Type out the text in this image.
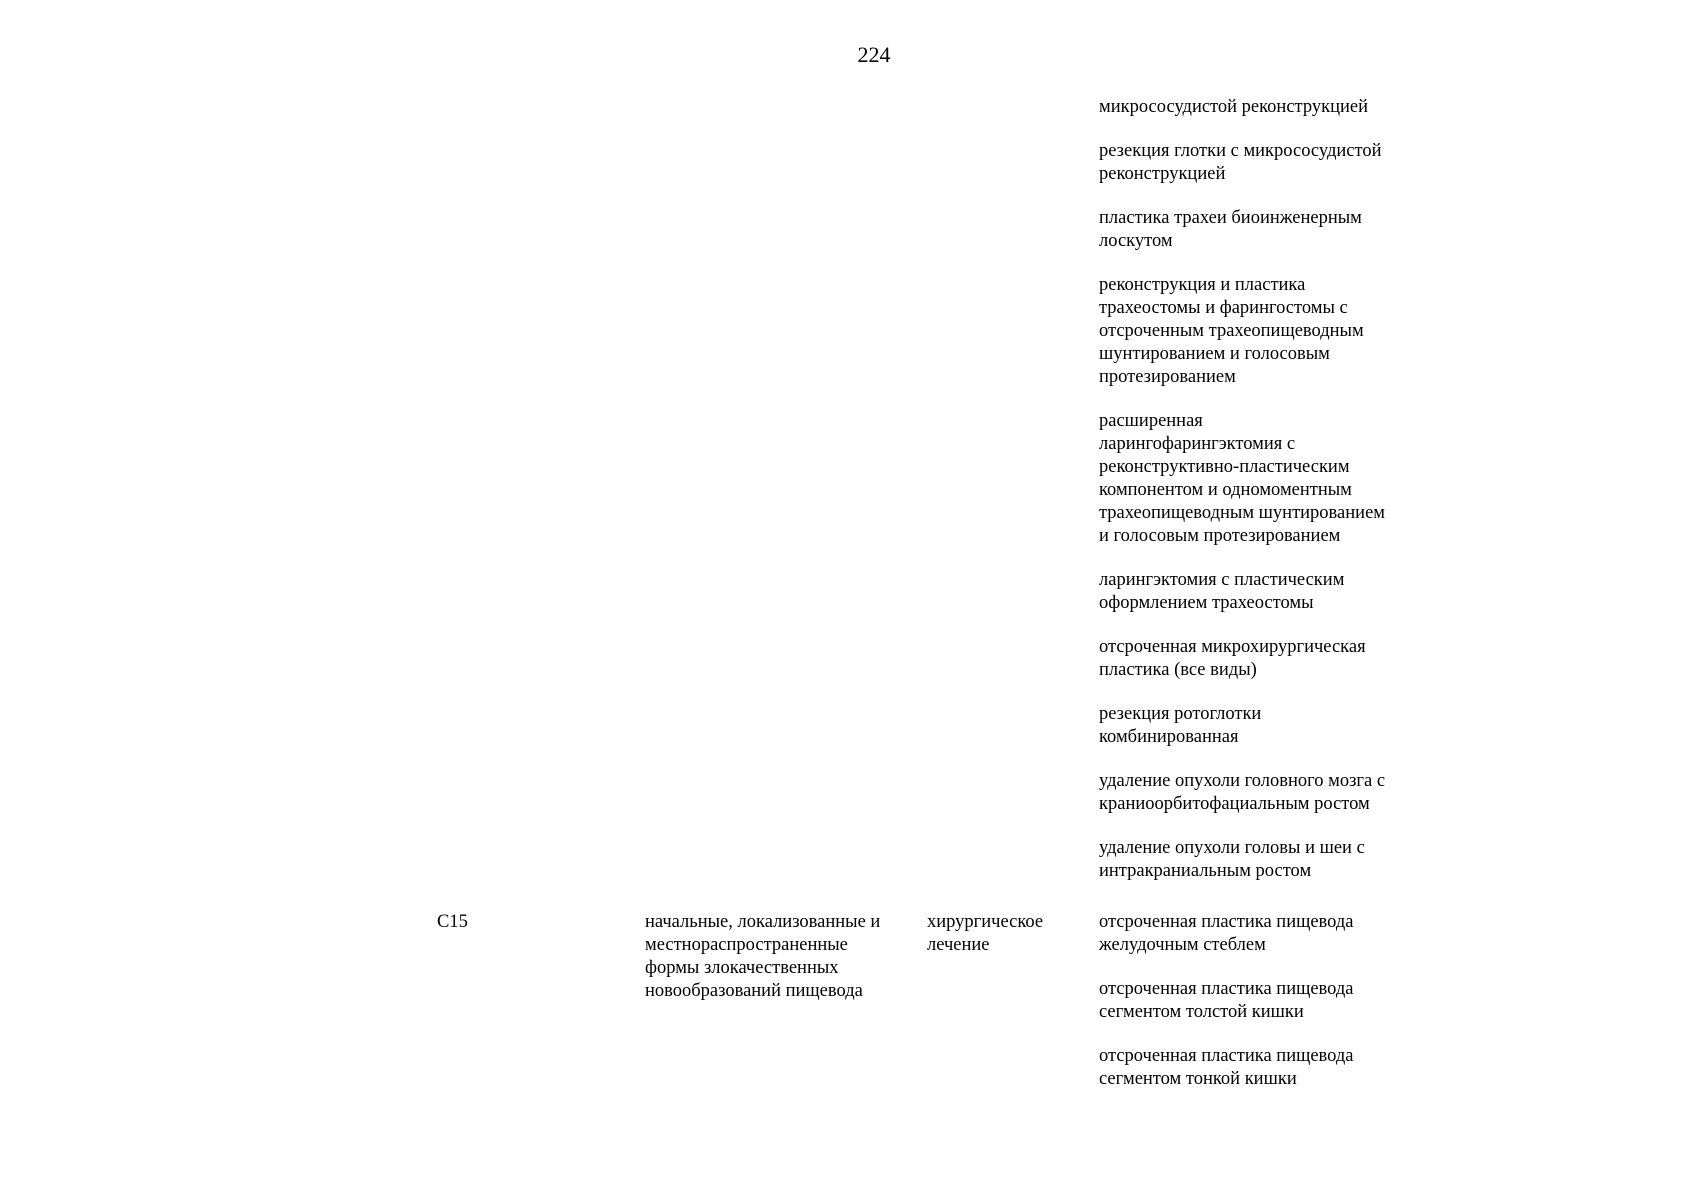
224
микрососудистой реконструкцией
резекция глотки с микрососудистой
реконструкцией
пластика трахеи биоинженерным
лоскутом
реконструкция и пластика
трахеостомы и фарингостомы с
отсроченным трахеопищеводным
шунтированием и голосовым
протезированием
расширенная
ларингофарингэктомия с
реконструктивно-пластическим
компонентом и одномоментным
трахеопищеводным шунтированием
и голосовым протезированием
ларингэктомия с пластическим
оформлением трахеостомы
отсроченная микрохирургическая
пластика (все виды)
резекция ротоглотки
комбинированная
удаление опухоли головного мозга с
краниоорбитофациальным ростом
удаление опухоли головы и шеи с
интракраниальным ростом
C15	начальные, локализованные и
местнораспространенные
формы злокачественных
новообразований пищевода
хирургическое
лечение
отсроченная пластика пищевода
желудочным стеблем
отсроченная пластика пищевода
сегментом толстой кишки
отсроченная пластика пищевода
сегментом тонкой кишки
